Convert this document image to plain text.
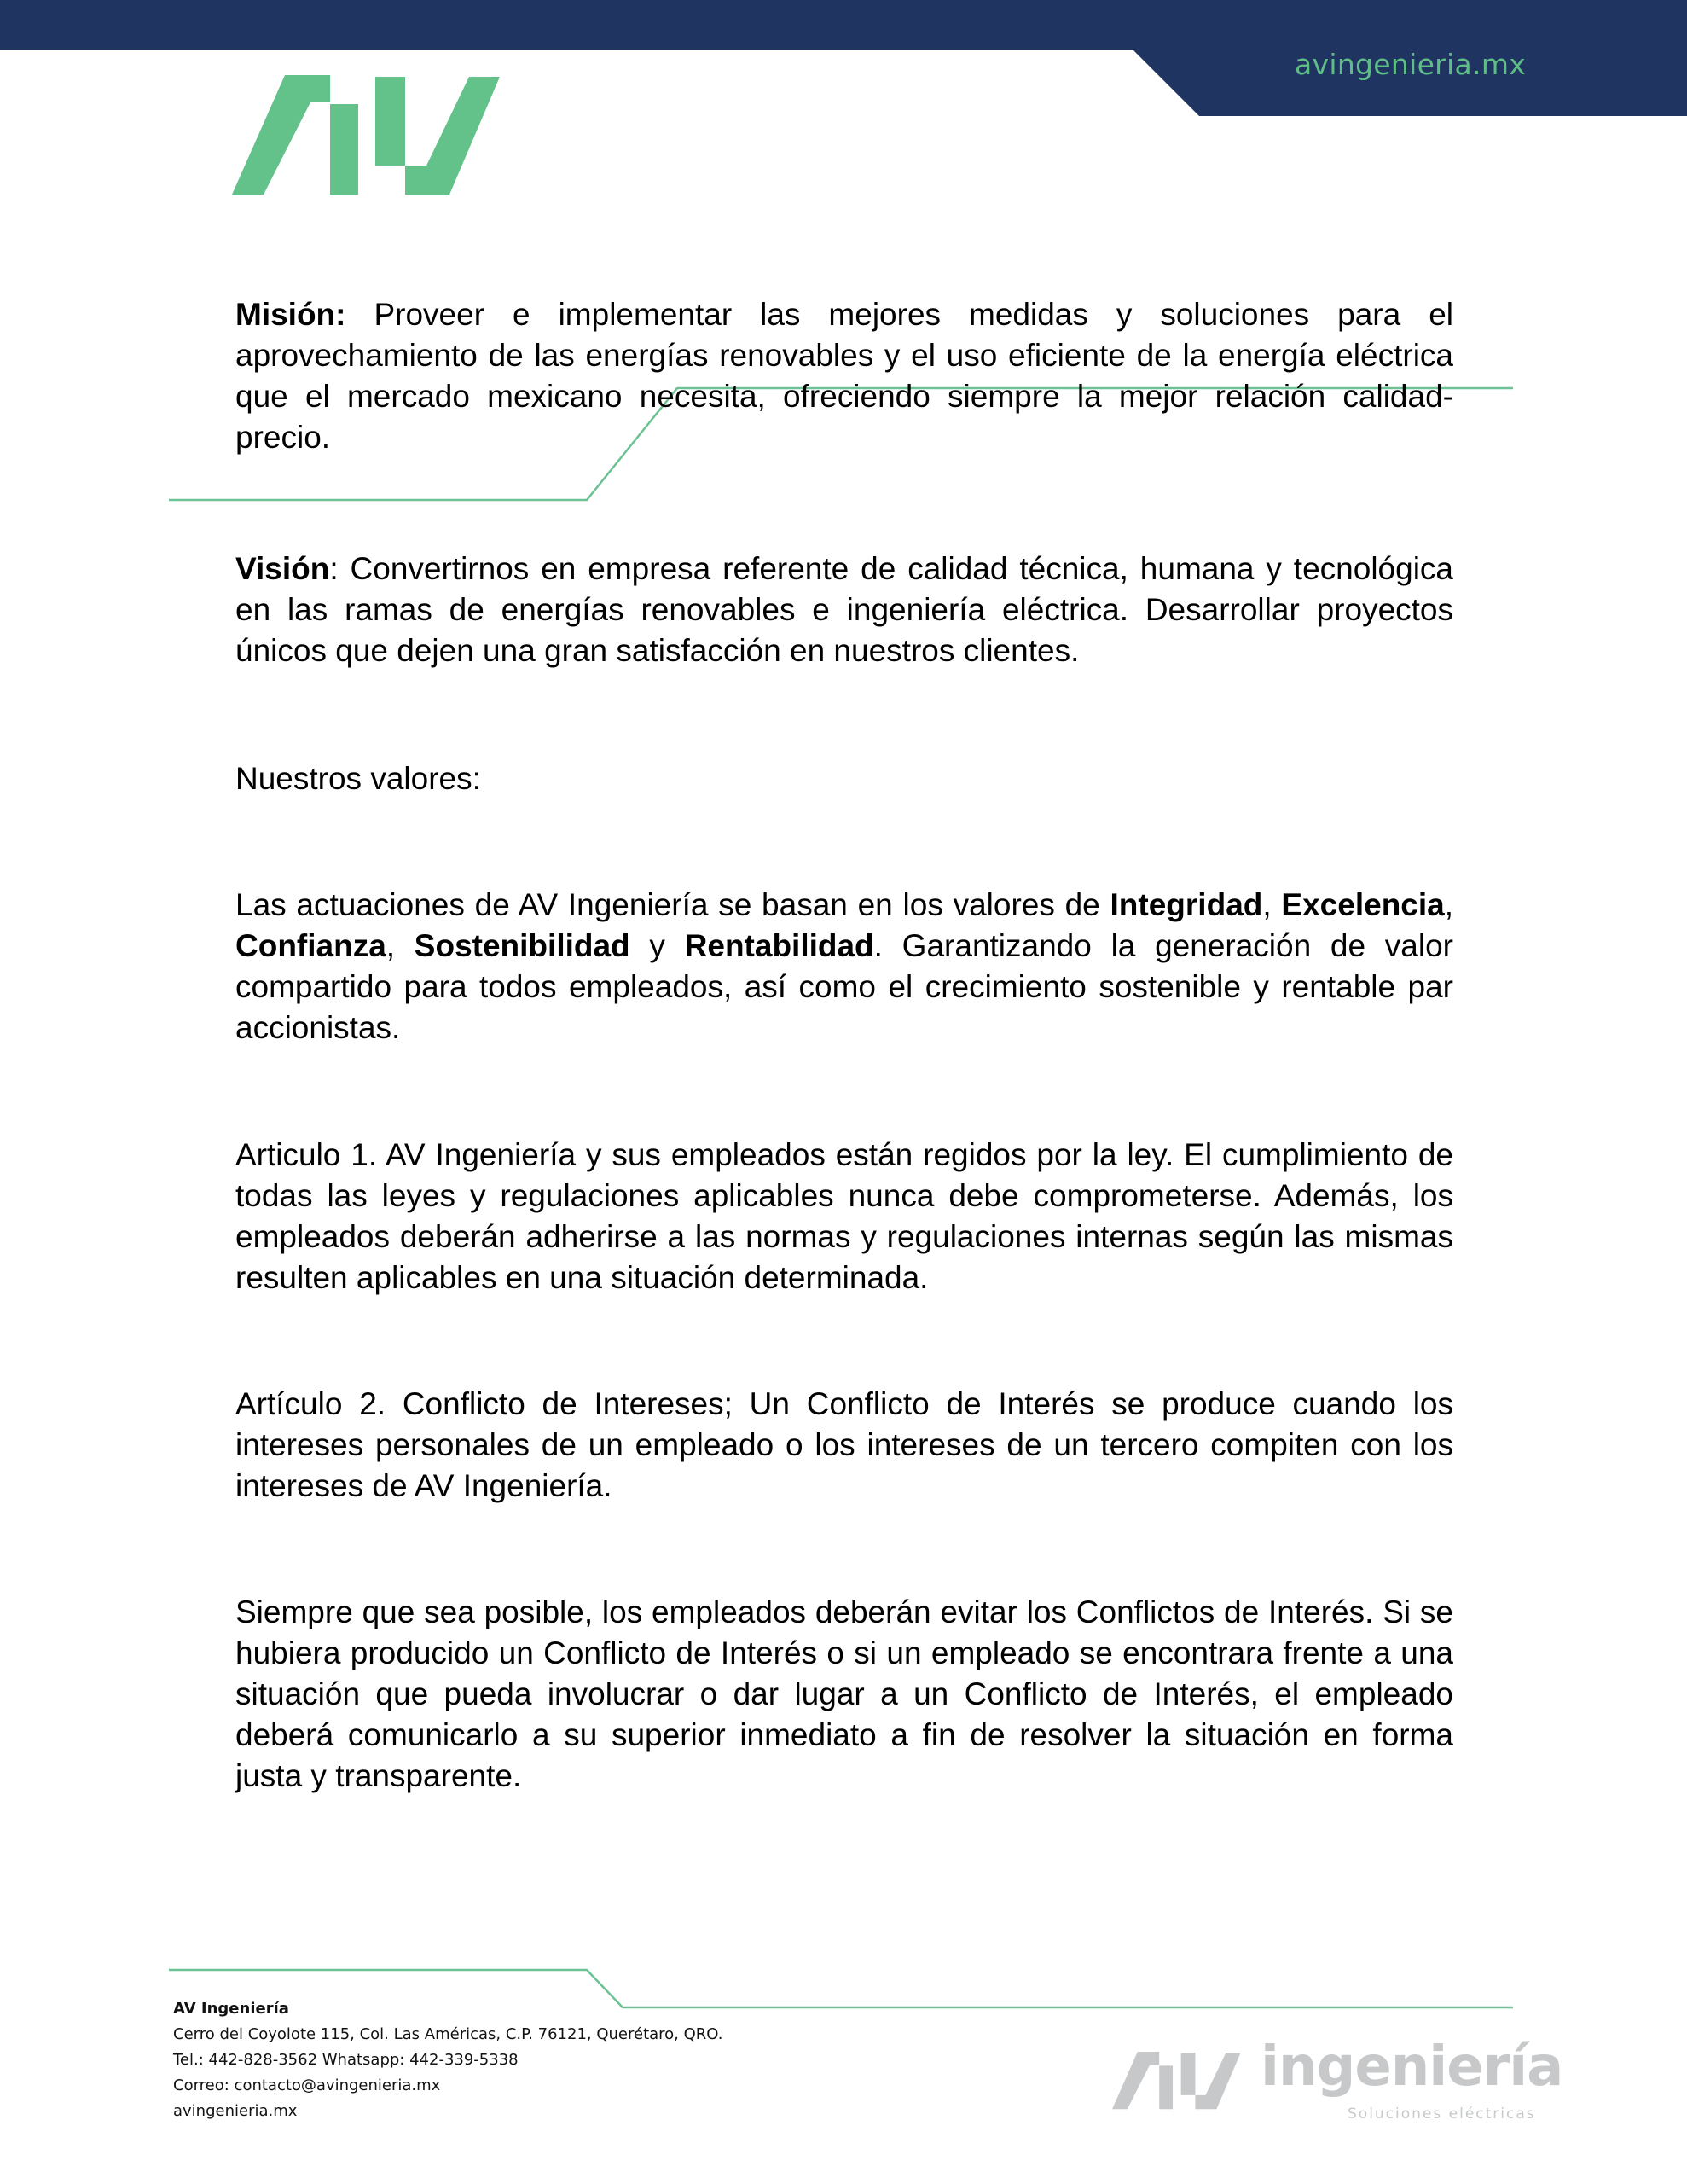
avingenieria.mx
Misión: Proveer e implementar las mejores medidas y soluciones para el aprovechamiento de las energías renovables y el uso eficiente de la energía eléctrica que el mercado mexicano necesita, ofreciendo siempre la mejor relación calidad-precio.
Visión: Convertirnos en empresa referente de calidad técnica, humana y tecnológica en las ramas de energías renovables e ingeniería eléctrica. Desarrollar proyectos únicos que dejen una gran satisfacción en nuestros clientes.
Nuestros valores:
Las actuaciones de AV Ingeniería se basan en los valores de Integridad, Excelencia, Confianza, Sostenibilidad y Rentabilidad. Garantizando la generación de valor compartido para todos empleados, así como el crecimiento sostenible y rentable par accionistas.
Articulo 1. AV Ingeniería y sus empleados están regidos por la ley. El cumplimiento de todas las leyes y regulaciones aplicables nunca debe comprometerse. Además, los empleados deberán adherirse a las normas y regulaciones internas según las mismas resulten aplicables en una situación determinada.
Artículo 2. Conflicto de Intereses; Un Conflicto de Interés se produce cuando los intereses personales de un empleado o los intereses de un tercero compiten con los intereses de AV Ingeniería.
Siempre que sea posible, los empleados deberán evitar los Conflictos de Interés. Si se hubiera producido un Conflicto de Interés o si un empleado se encontrara frente a una situación que pueda involucrar o dar lugar a un Conflicto de Interés, el empleado deberá comunicarlo a su superior inmediato a fin de resolver la situación en forma justa y transparente.
AV Ingeniería
Cerro del Coyolote 115, Col. Las Américas, C.P. 76121, Querétaro, QRO.
Tel.: 442-828-3562 Whatsapp: 442-339-5338
Correo: contacto@avingenieria.mx
avingenieria.mx
ingeniería
Soluciones eléctricas
